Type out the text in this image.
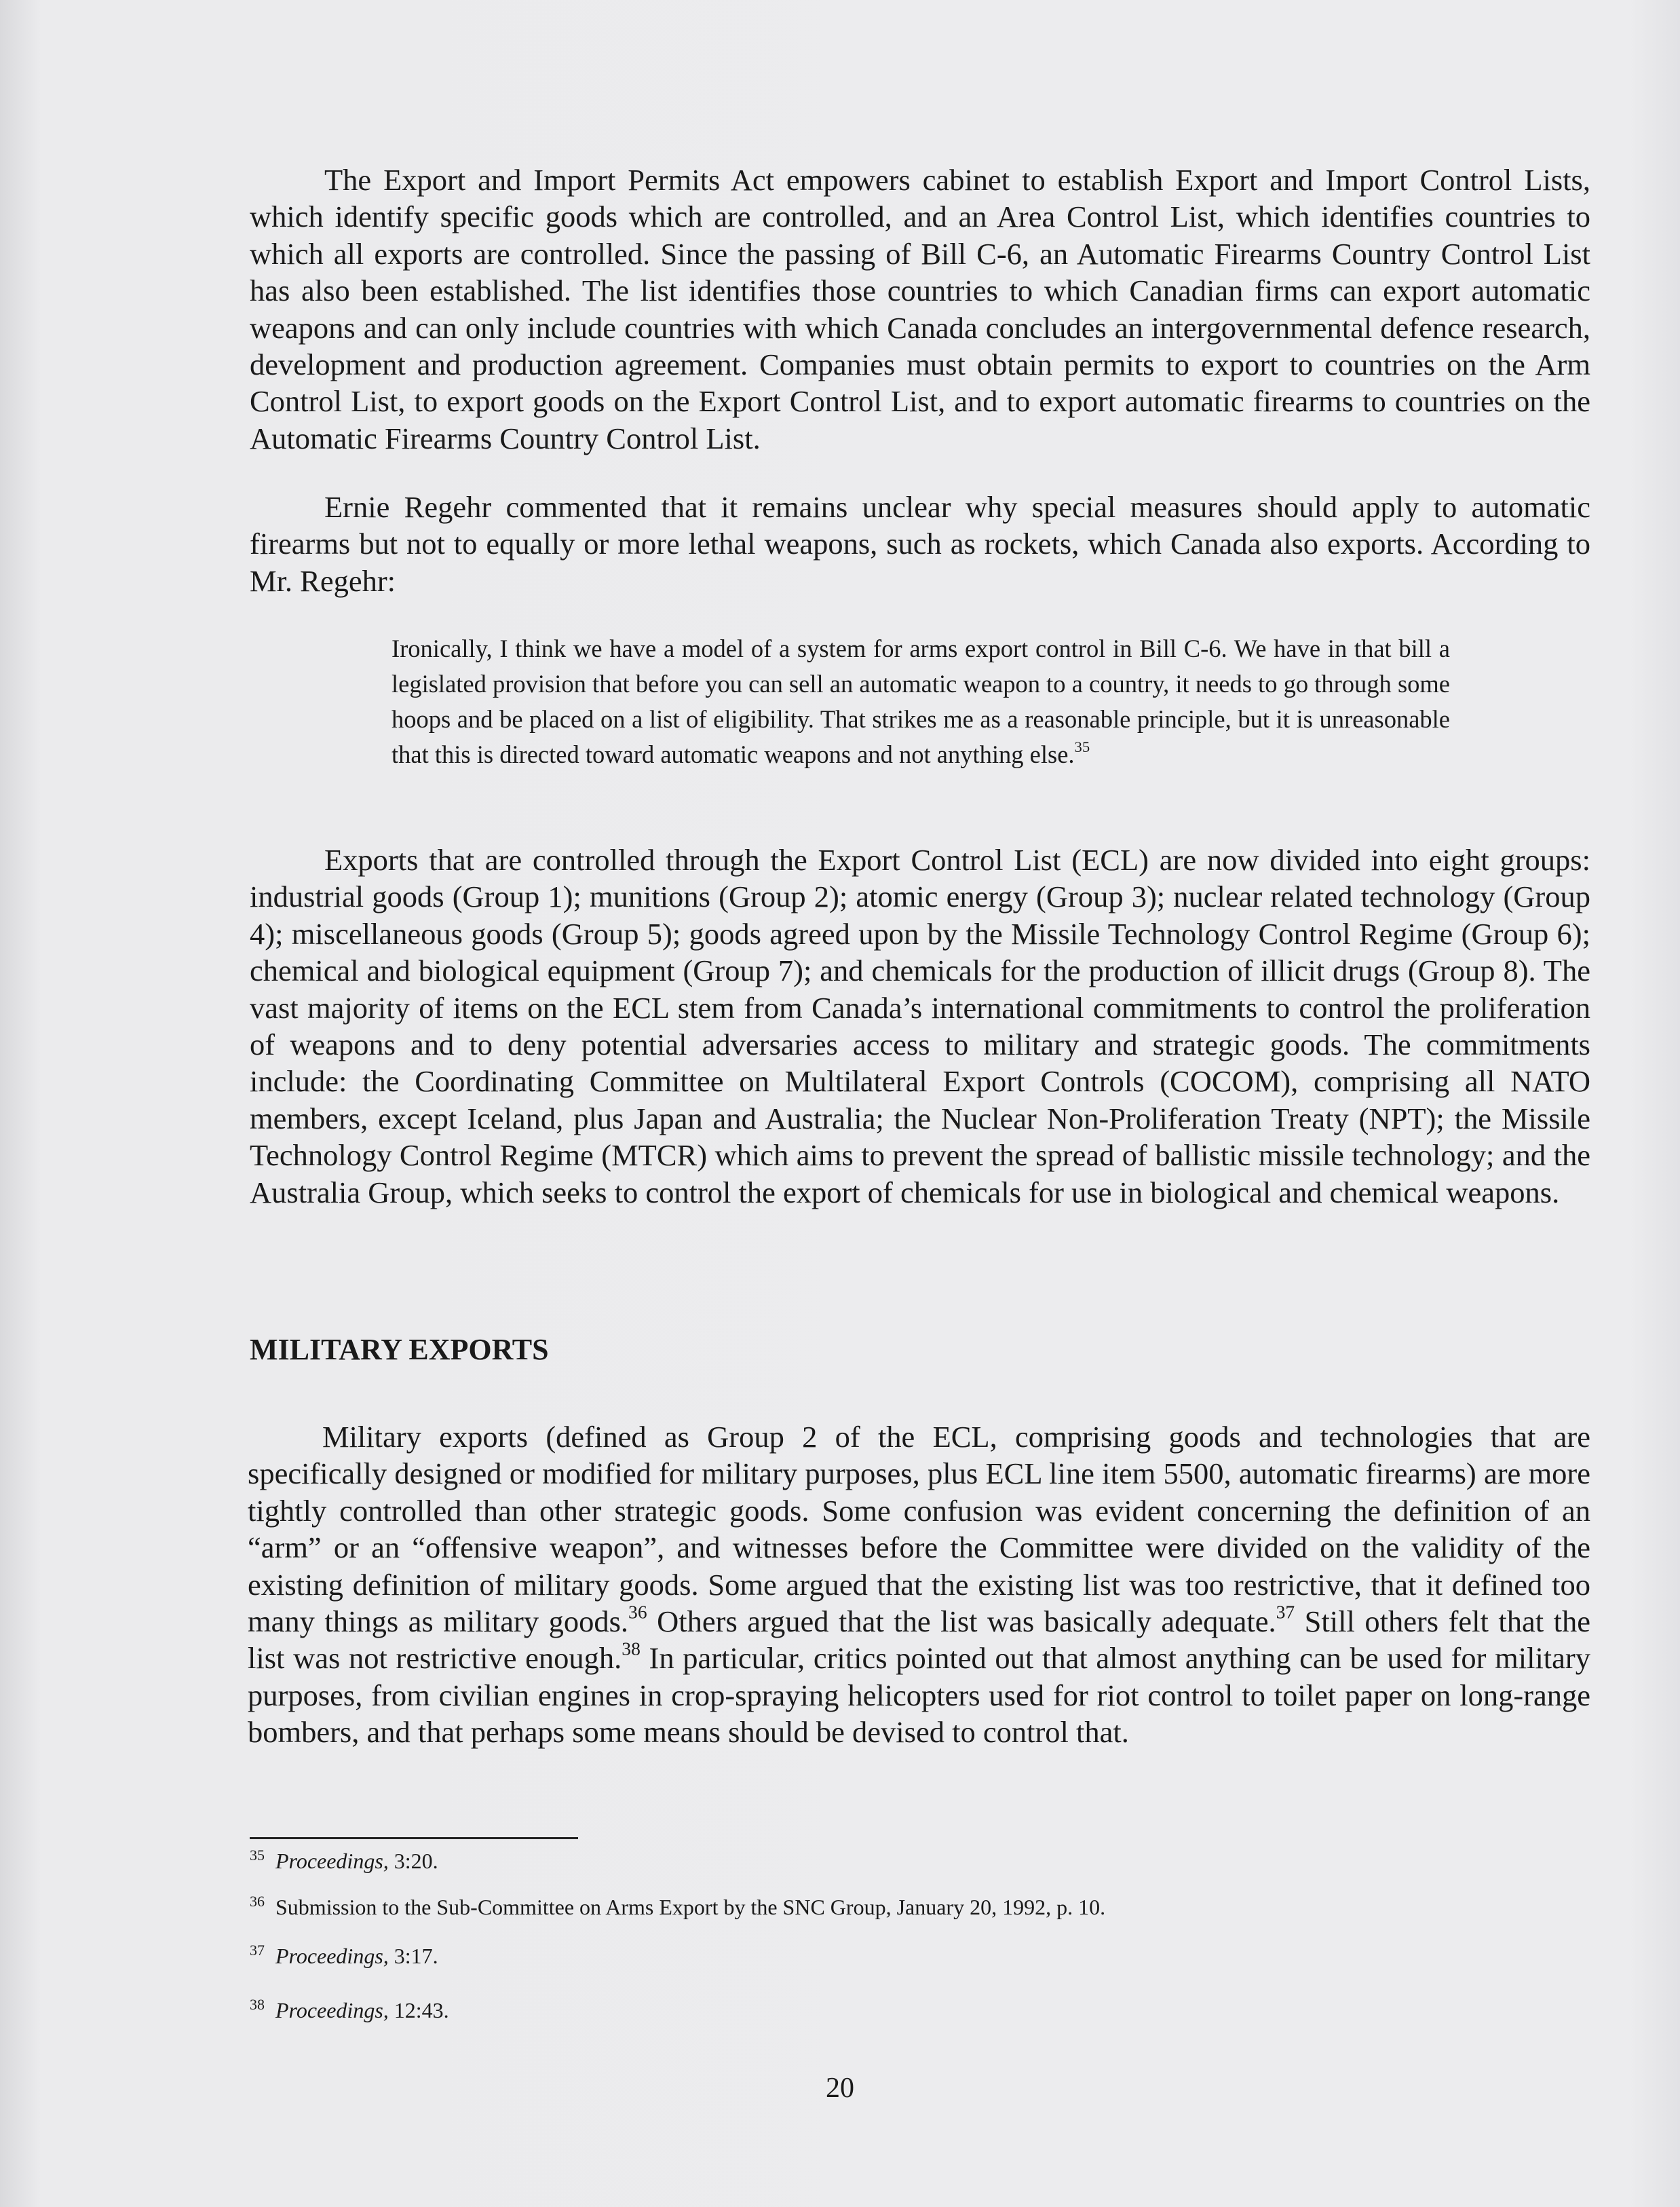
The Export and Import Permits Act empowers cabinet to establish Export and Import Control Lists, which identify specific goods which are controlled, and an Area Control List, which identifies countries to which all exports are controlled. Since the passing of Bill C-6, an Automatic Firearms Country Control List has also been established. The list identifies those countries to which Canadian firms can export automatic weapons and can only include countries with which Canada concludes an intergovernmental defence research, development and production agreement. Companies must obtain permits to export to countries on the Arm Control List, to export goods on the Export Control List, and to export automatic firearms to countries on the Automatic Firearms Country Control List.

Ernie Regehr commented that it remains unclear why special measures should apply to automatic firearms but not to equally or more lethal weapons, such as rockets, which Canada also exports. According to Mr. Regehr:

Ironically, I think we have a model of a system for arms export control in Bill C-6. We have in that bill a legislated provision that before you can sell an automatic weapon to a country, it needs to go through some hoops and be placed on a list of eligibility. That strikes me as a reasonable principle, but it is unreasonable that this is directed toward automatic weapons and not anything else.$^{35}$

Exports that are controlled through the Export Control List (ECL) are now divided into eight groups: industrial goods (Group 1); munitions (Group 2); atomic energy (Group 3); nuclear related technology (Group 4); miscellaneous goods (Group 5); goods agreed upon by the Missile Technology Control Regime (Group 6); chemical and biological equipment (Group 7); and chemicals for the production of illicit drugs (Group 8). The vast majority of items on the ECL stem from Canada’s international commitments to control the proliferation of weapons and to deny potential adversaries access to military and strategic goods. The commitments include: the Coordinating Committee on Multilateral Export Controls (COCOM), comprising all NATO members, except Iceland, plus Japan and Australia; the Nuclear Non-Proliferation Treaty (NPT); the Missile Technology Control Regime (MTCR) which aims to prevent the spread of ballistic missile technology; and the Australia Group, which seeks to control the export of chemicals for use in biological and chemical weapons.

MILITARY EXPORTS

Military exports (defined as Group 2 of the ECL, comprising goods and technologies that are specifically designed or modified for military purposes, plus ECL line item 5500, automatic firearms) are more tightly controlled than other strategic goods. Some confusion was evident concerning the definition of an “arm” or an “offensive weapon”, and witnesses before the Committee were divided on the validity of the existing definition of military goods. Some argued that the existing list was too restrictive, that it defined too many things as military goods.$^{36}$ Others argued that the list was basically adequate.$^{37}$ Still others felt that the list was not restrictive enough.$^{38}$ In particular, critics pointed out that almost anything can be used for military purposes, from civilian engines in crop-spraying helicopters used for riot control to toilet paper on long-range bombers, and that perhaps some means should be devised to control that.

$^{35}$ Proceedings, 3:20.

$^{36}$ Submission to the Sub-Committee on Arms Export by the SNC Group, January 20, 1992, p. 10.

$^{37}$ Proceedings, 3:17.

$^{38}$ Proceedings, 12:43.

20
